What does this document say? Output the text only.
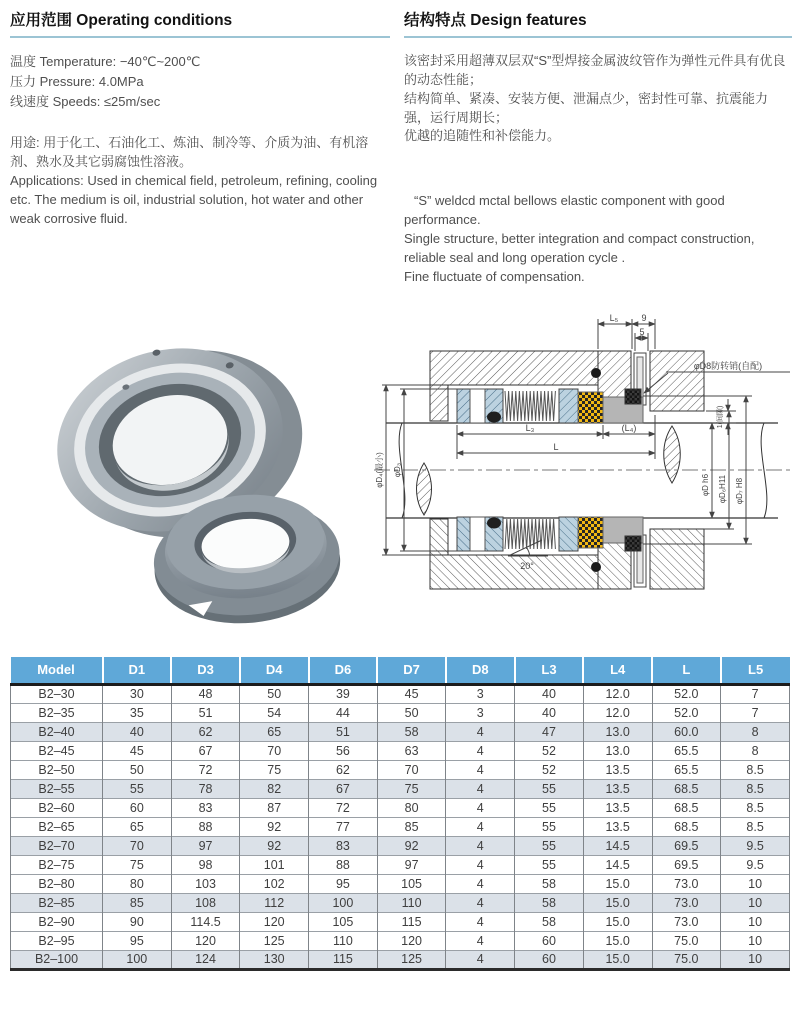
应用范围 Operating conditions

温度 Temperature: −40℃~200℃

压力 Pressure: 4.0MPa

线速度 Speeds: ≤25m/sec

用途: 用于化工、石油化工、炼油、制冷等、介质为油、有机溶剂、熟水及其它弱腐蚀性溶液。

Applications: Used in chemical field, petroleum, refining, cooling etc. The medium is oil, industrial solution, hot water and other weak corrosive fluid.

结构特点 Design features

该密封采用超薄双层双“S”型焊接金属波纹管作为弹性元件具有优良的动态性能；

结构简单、紧凑、安装方便、泄漏点少，密封性可靠、抗震能力强，运行周期长；

优越的追随性和补偿能力。

“S” weldcd mctal bellows elastic component with good performance.

Single structure, better integration and compact construction, reliable seal and long operation cycle .

Fine fluctuate of compensation.

L₅	9
5
φD8防转销(自配)
L₃	(L₄)
L
1(间隙)
φD₄(最小) φD₃
φD h6 φD₆H11 φD₇ H8
20°
Model	D1	D3	D4	D6	D7	D8	L3	L4	L	L5
B2–30	30	48	50	39	45	3	40	12.0	52.0	7
B2–35	35	51	54	44	50	3	40	12.0	52.0	7
B2–40	40	62	65	51	58	4	47	13.0	60.0	8
B2–45	45	67	70	56	63	4	52	13.0	65.5	8
B2–50	50	72	75	62	70	4	52	13.5	65.5	8.5
B2–55	55	78	82	67	75	4	55	13.5	68.5	8.5
B2–60	60	83	87	72	80	4	55	13.5	68.5	8.5
B2–65	65	88	92	77	85	4	55	13.5	68.5	8.5
B2–70	70	97	92	83	92	4	55	14.5	69.5	9.5
B2–75	75	98	101	88	97	4	55	14.5	69.5	9.5
B2–80	80	103	102	95	105	4	58	15.0	73.0	10
B2–85	85	108	112	100	110	4	58	15.0	73.0	10
B2–90	90	114.5	120	105	115	4	58	15.0	73.0	10
B2–95	95	120	125	110	120	4	60	15.0	75.0	10
B2–100	100	124	130	115	125	4	60	15.0	75.0	10
